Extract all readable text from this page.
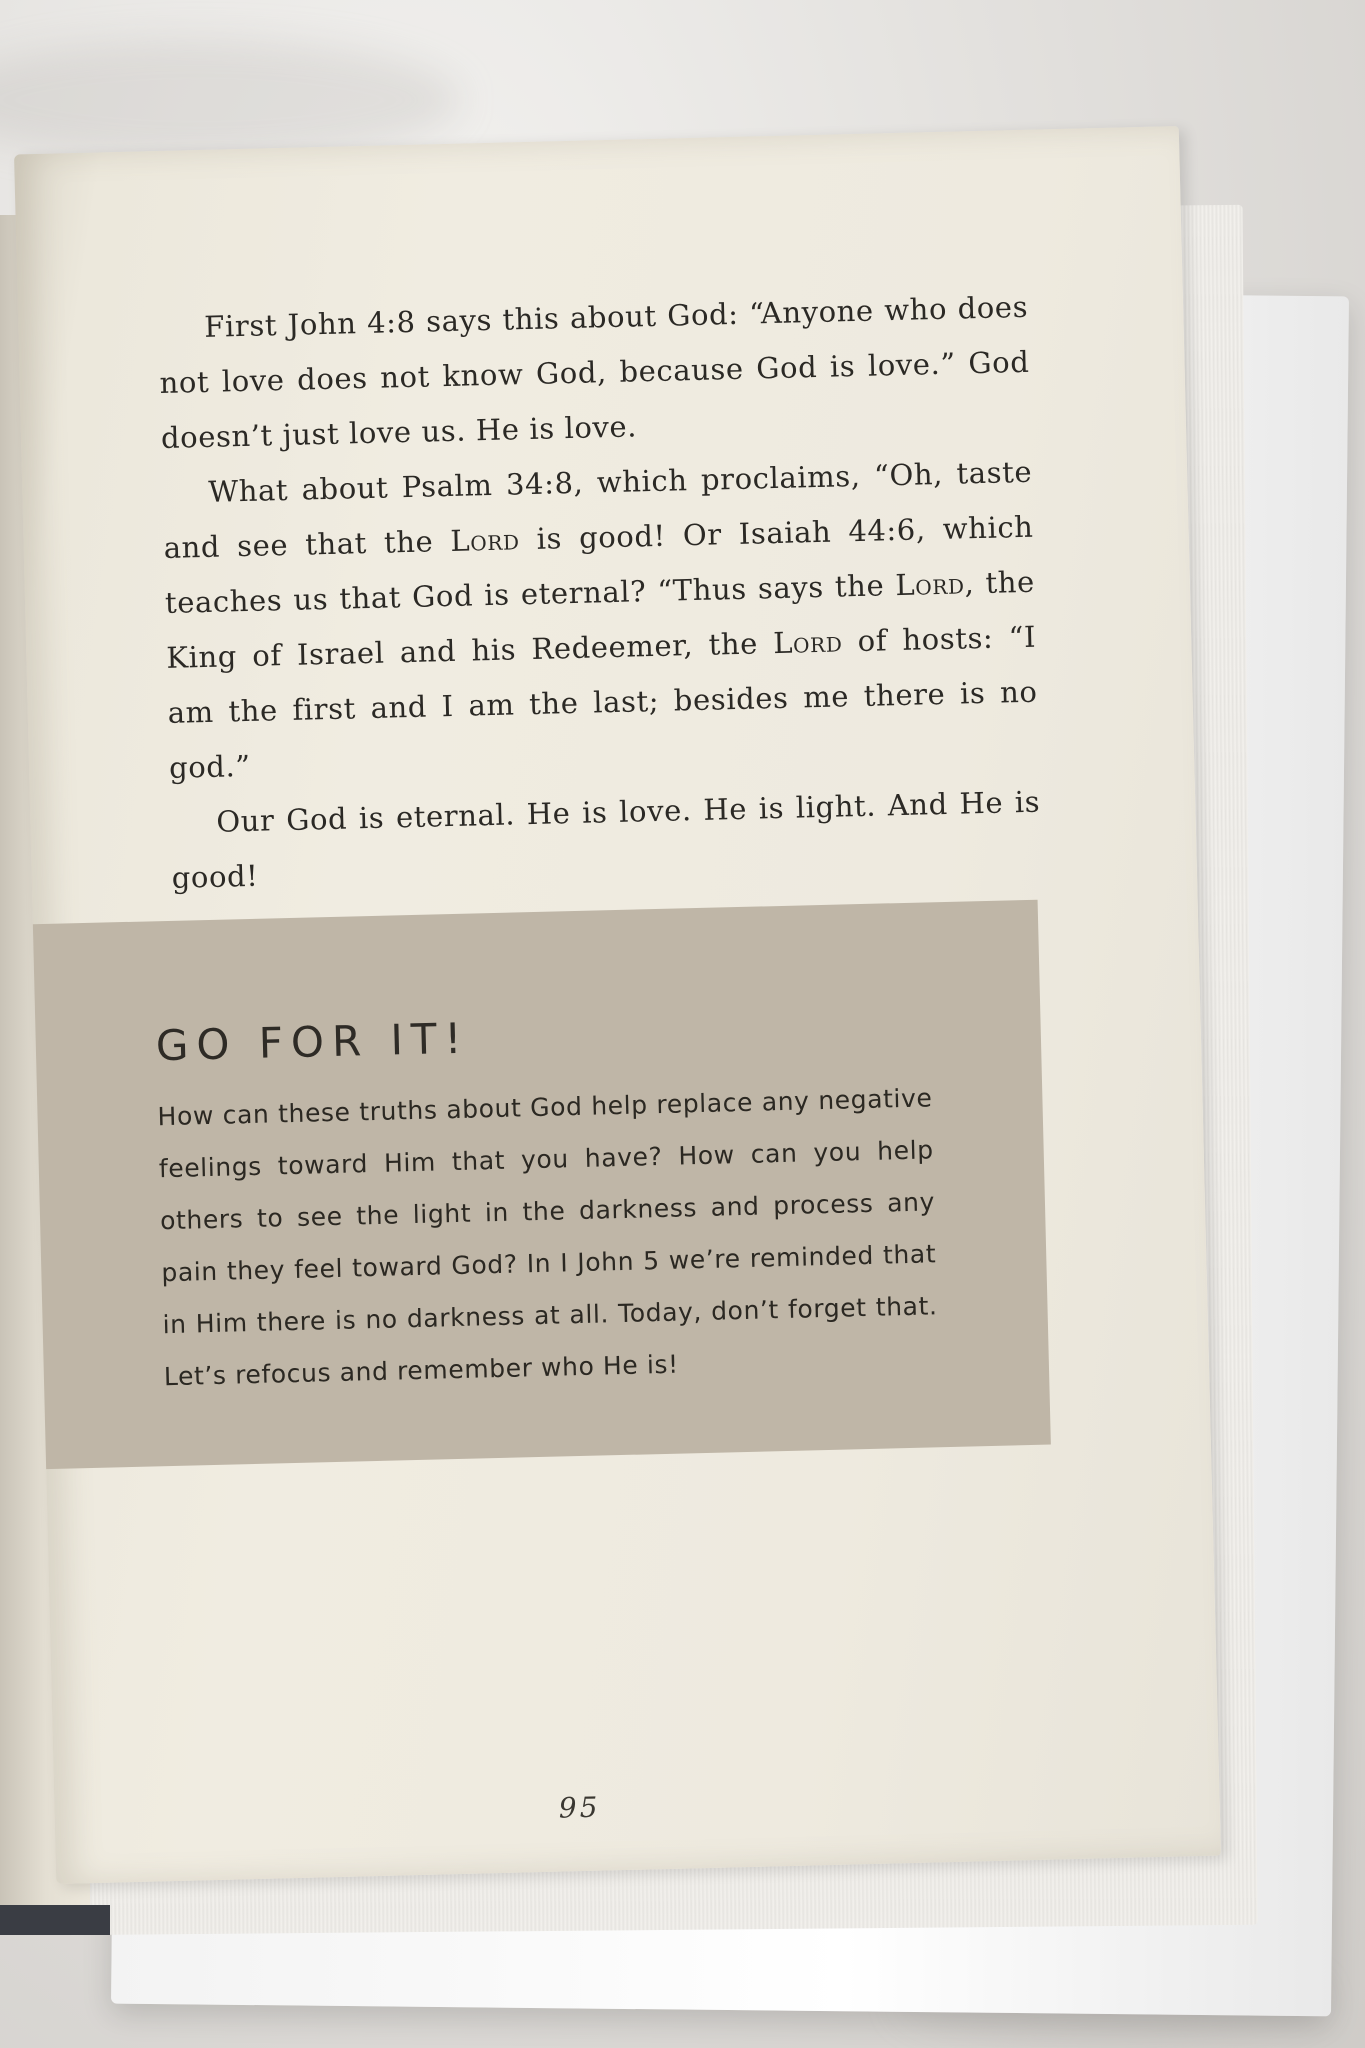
First John 4:8 says this about God: “Anyone who does not love does not know God, because God is love.” God doesn’t just love us. He is love.

What about Psalm 34:8, which proclaims, “Oh, taste and see that the Lord is good! Or Isaiah 44:6, which teaches us that God is eternal? “Thus says the Lord, the King of Israel and his Redeemer, the Lord of hosts: “I am the first and I am the last; besides me there is no god.”

Our God is eternal. He is love. He is light. And He is good!

GO FOR IT!
How can these truths about God help replace any negative feelings toward Him that you have? How can you help others to see the light in the darkness and process any pain they feel toward God? In I John 5 we’re reminded that in Him there is no darkness at all. Today, don’t forget that. Let’s refocus and remember who He is!
95
